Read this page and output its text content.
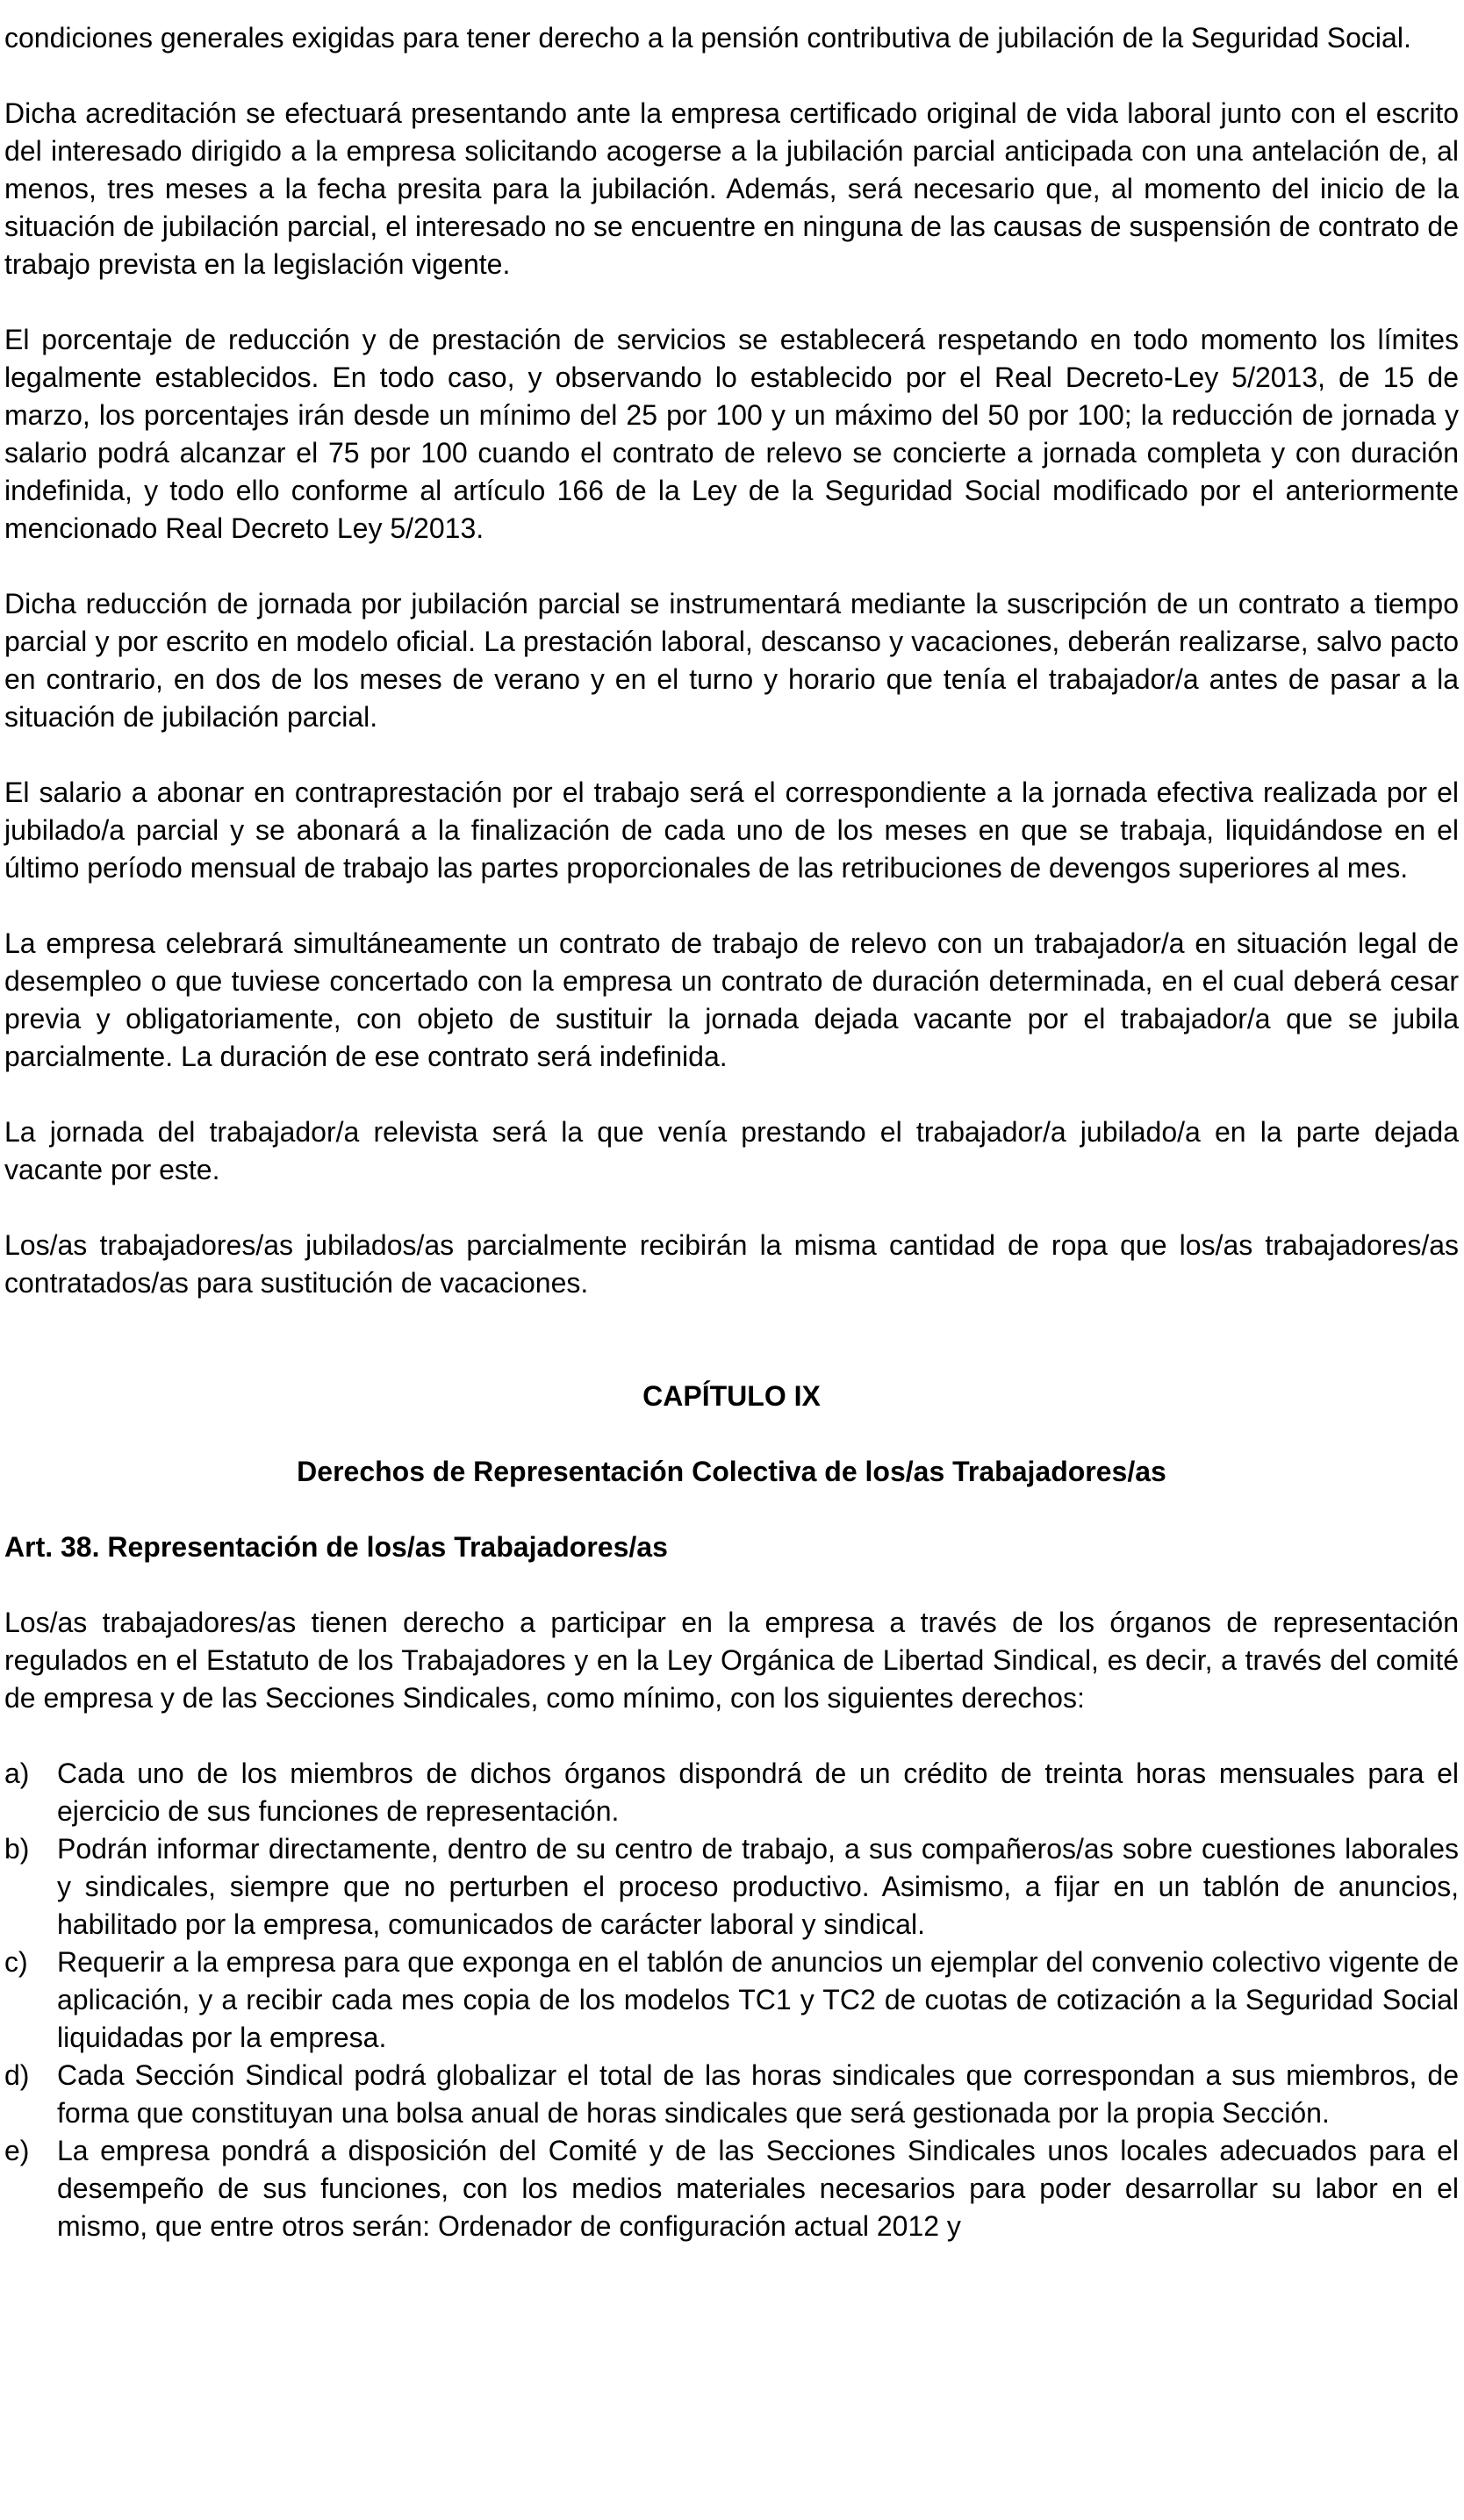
condiciones generales exigidas para tener derecho a la pensión contributiva de jubilación de la Seguridad Social.

Dicha acreditación se efectuará presentando ante la empresa certificado original de vida laboral junto con el escrito del interesado dirigido a la empresa solicitando acogerse a la jubilación parcial anticipada con una antelación de, al menos, tres meses a la fecha presita para la jubilación. Además, será necesario que, al momento del inicio de la situación de jubilación parcial, el interesado no se encuentre en ninguna de las causas de suspensión de contrato de trabajo prevista en la legislación vigente.

El porcentaje de reducción y de prestación de servicios se establecerá respetando en todo momento los límites legalmente establecidos. En todo caso, y observando lo establecido por el Real Decreto-Ley 5/2013, de 15 de marzo, los porcentajes irán desde un mínimo del 25 por 100 y un máximo del 50 por 100; la reducción de jornada y salario podrá alcanzar el 75 por 100 cuando el contrato de relevo se concierte a jornada completa y con duración indefinida, y todo ello conforme al artículo 166 de la Ley de la Seguridad Social modificado por el anteriormente mencionado Real Decreto Ley 5/2013.

Dicha reducción de jornada por jubilación parcial se instrumentará mediante la suscripción de un contrato a tiempo parcial y por escrito en modelo oficial. La prestación laboral, descanso y vacaciones, deberán realizarse, salvo pacto en contrario, en dos de los meses de verano y en el turno y horario que tenía el trabajador/a antes de pasar a la situación de jubilación parcial.

El salario a abonar en contraprestación por el trabajo será el correspondiente a la jornada efectiva realizada por el jubilado/a parcial y se abonará a la finalización de cada uno de los meses en que se trabaja, liquidándose en el último período mensual de trabajo las partes proporcionales de las retribuciones de devengos superiores al mes.

La empresa celebrará simultáneamente un contrato de trabajo de relevo con un trabajador/a en situación legal de desempleo o que tuviese concertado con la empresa un contrato de duración determinada, en el cual deberá cesar previa y obligatoriamente, con objeto de sustituir la jornada dejada vacante por el trabajador/a que se jubila parcialmente. La duración de ese contrato será indefinida.

La jornada del trabajador/a relevista será la que venía prestando el trabajador/a jubilado/a en la parte dejada vacante por este.

Los/as trabajadores/as jubilados/as parcialmente recibirán la misma cantidad de ropa que los/as trabajadores/as contratados/as para sustitución de vacaciones.

CAPÍTULO IX

Derechos de Representación Colectiva de los/as Trabajadores/as

Art. 38. Representación de los/as Trabajadores/as

Los/as trabajadores/as tienen derecho a participar en la empresa a través de los órganos de representación regulados en el Estatuto de los Trabajadores y en la Ley Orgánica de Libertad Sindical, es decir, a través del comité de empresa y de las Secciones Sindicales, como mínimo, con los siguientes derechos:

a) Cada uno de los miembros de dichos órganos dispondrá de un crédito de treinta horas mensuales para el ejercicio de sus funciones de representación.
b) Podrán informar directamente, dentro de su centro de trabajo, a sus compañeros/as sobre cuestiones laborales y sindicales, siempre que no perturben el proceso productivo. Asimismo, a fijar en un tablón de anuncios, habilitado por la empresa, comunicados de carácter laboral y sindical.
c)	Requerir a la empresa para que exponga en el tablón de anuncios un ejemplar del convenio colectivo vigente de aplicación, y a recibir cada mes copia de los modelos TC1 y TC2 de cuotas de cotización a la Seguridad Social liquidadas por la empresa.
d) Cada Sección Sindical podrá globalizar el total de las horas sindicales que correspondan a sus miembros, de forma que constituyan una bolsa anual de horas sindicales que será gestionada por la propia Sección.
e) La empresa pondrá a disposición del Comité y de las Secciones Sindicales unos locales adecuados para el desempeño de sus funciones, con los medios materiales necesarios para poder desarrollar su labor en el mismo, que entre otros serán: Ordenador de configuración actual 2012 y
